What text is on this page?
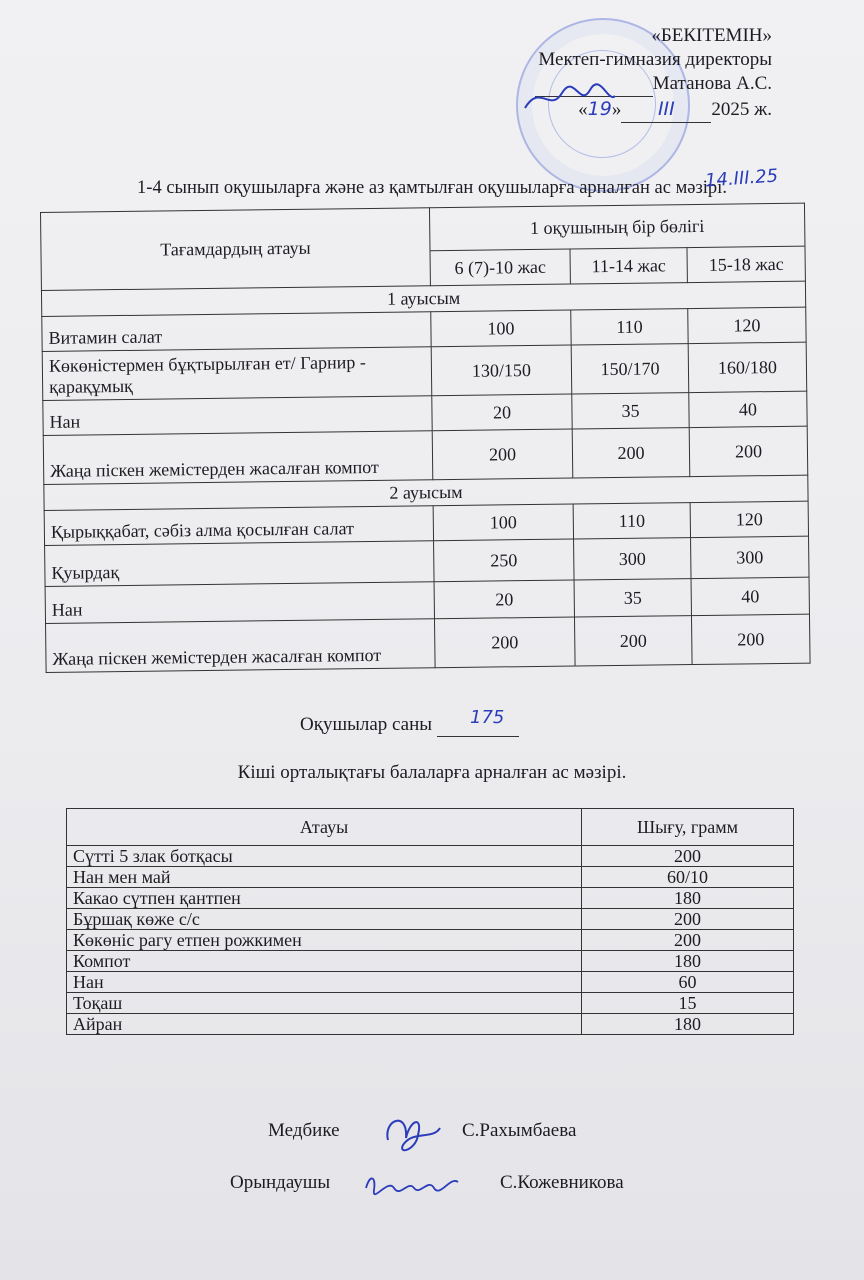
«БЕКІТЕМІН»
Мектеп-гимназия директоры
Матанова А.С.
«19» III 2025 ж.
1-4 сынып оқушыларға және аз қамтылған оқушыларға арналған ас мәзірі.
14.III.25
Тағамдардың атауы	1 оқушының бір бөлігі		
	6 (7)-10 жас	11-14 жас	15-18 жас
1 ауысым			
Витамин салат	100	110	120
Көкөністермен бұқтырылған ет/ Гарнир - қарақұмық	130/150	150/170	160/180
Нан	20	35	40
Жаңа піскен жемістерден жасалған компот	200	200	200
2 ауысым			
Қырыққабат, сәбіз алма қосылған салат	100	110	120
Қуырдақ	250	300	300
Нан	20	35	40
Жаңа піскен жемістерден жасалған компот	200	200	200
Оқушылар саны	175
Кіші орталықтағы балаларға арналған ас мәзірі.
Атауы	Шығу, грамм
Сүтті 5 злак ботқасы	200
Нан мен май	60/10
Какао сүтпен қантпен	180
Бұршақ көже с/с	200
Көкөніс рагу етпен рожкимен	200
Компот	180
Нан	60
Тоқаш	15
Айран	180
Медбике	С.Рахымбаева
Орындаушы	С.Кожевникова
